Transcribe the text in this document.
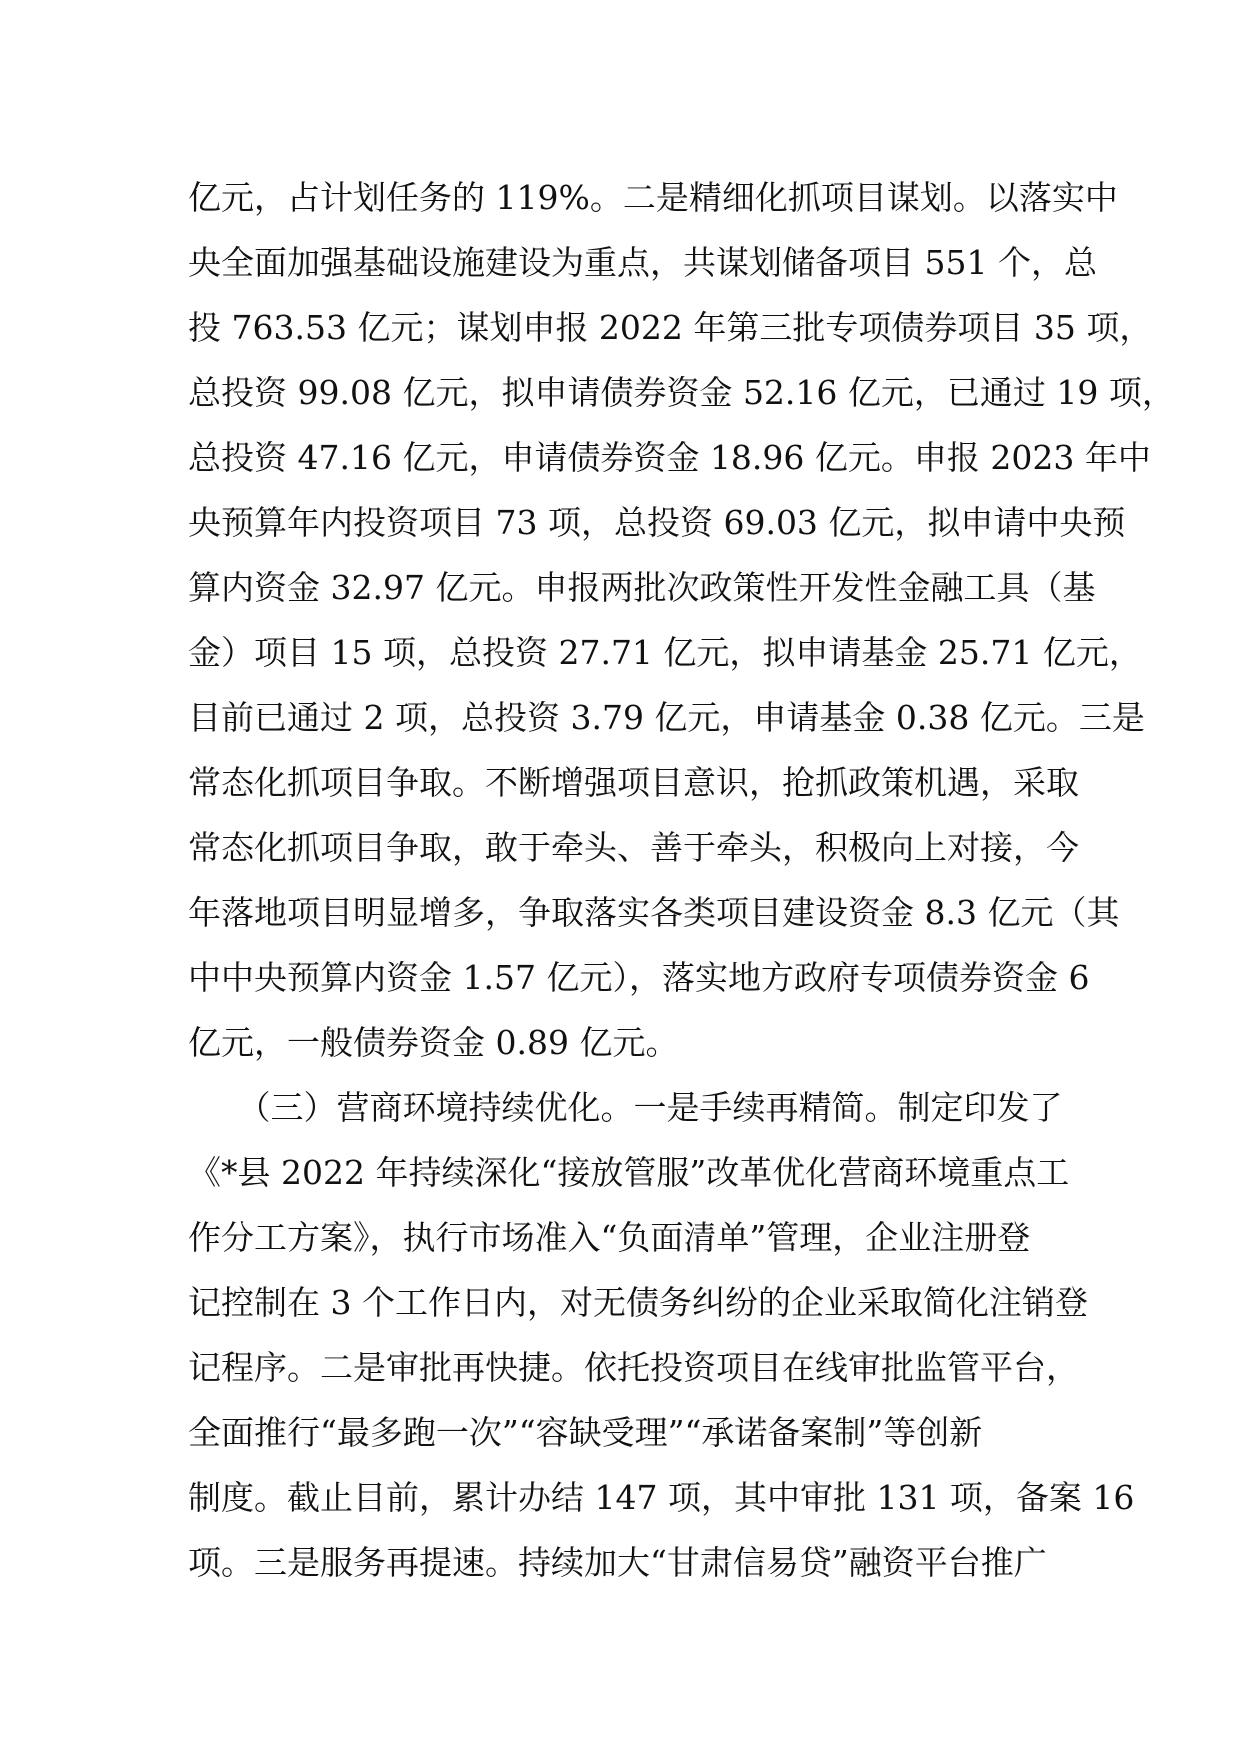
亿元，占计划任务的 119%。二是精细化抓项目谋划。以落实中
央全面加强基础设施建设为重点，共谋划储备项目 551 个，总
投 763.53 亿元；谋划申报 2022 年第三批专项债券项目 35 项，
总投资 99.08 亿元，拟申请债券资金 52.16 亿元，已通过 19 项，
总投资 47.16 亿元，申请债券资金 18.96 亿元。申报 2023 年中
央预算年内投资项目 73 项，总投资 69.03 亿元，拟申请中央预
算内资金 32.97 亿元。申报两批次政策性开发性金融工具（基
金）项目 15 项，总投资 27.71 亿元，拟申请基金 25.71 亿元，
目前已通过 2 项，总投资 3.79 亿元，申请基金 0.38 亿元。三是
常态化抓项目争取。不断增强项目意识，抢抓政策机遇，采取
常态化抓项目争取，敢于牵头、善于牵头，积极向上对接，今
年落地项目明显增多，争取落实各类项目建设资金 8.3 亿元（其
中中央预算内资金 1.57 亿元），落实地方政府专项债券资金 6
亿元，一般债券资金 0.89 亿元。
　　（三）营商环境持续优化。一是手续再精简。制定印发了
《*县 2022 年持续深化“接放管服”改革优化营商环境重点工
作分工方案》，执行市场准入“负面清单”管理，企业注册登
记控制在 3 个工作日内，对无债务纠纷的企业采取简化注销登
记程序。二是审批再快捷。依托投资项目在线审批监管平台，
全面推行“最多跑一次”“容缺受理”“承诺备案制”等创新
制度。截止目前，累计办结 147 项，其中审批 131 项，备案 16
项。三是服务再提速。持续加大“甘肃信易贷”融资平台推广
